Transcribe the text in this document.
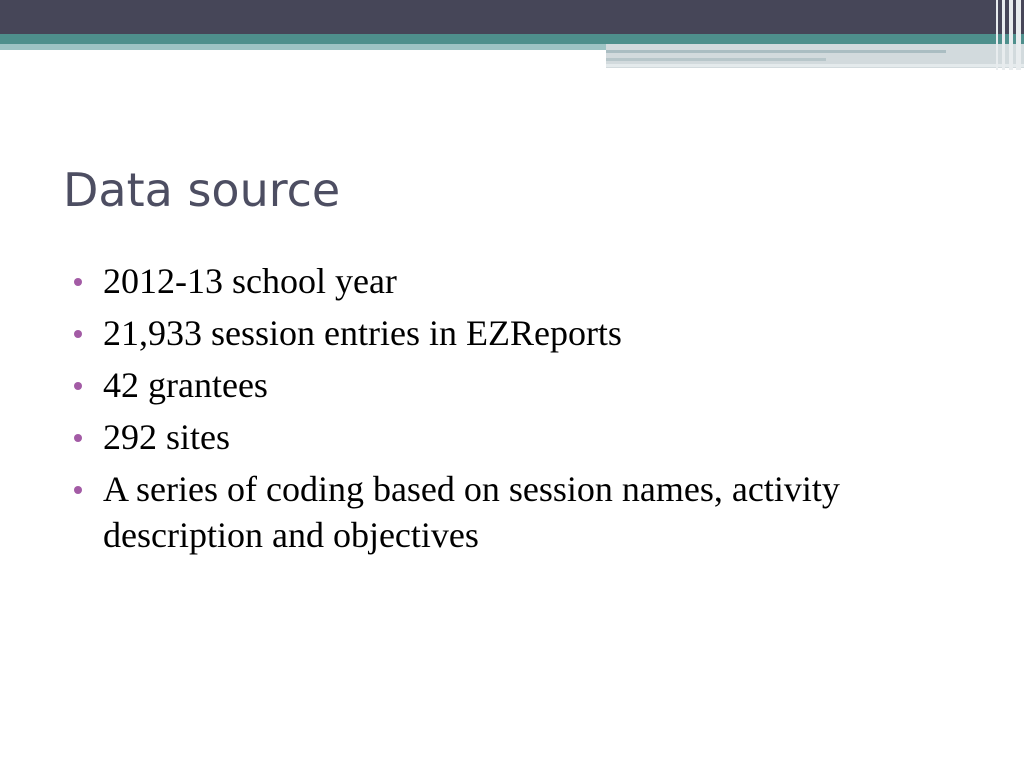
Data source
2012-13 school year
21,933 session entries in EZReports
42 grantees
292 sites
A series of coding based on session names, activity description and objectives
